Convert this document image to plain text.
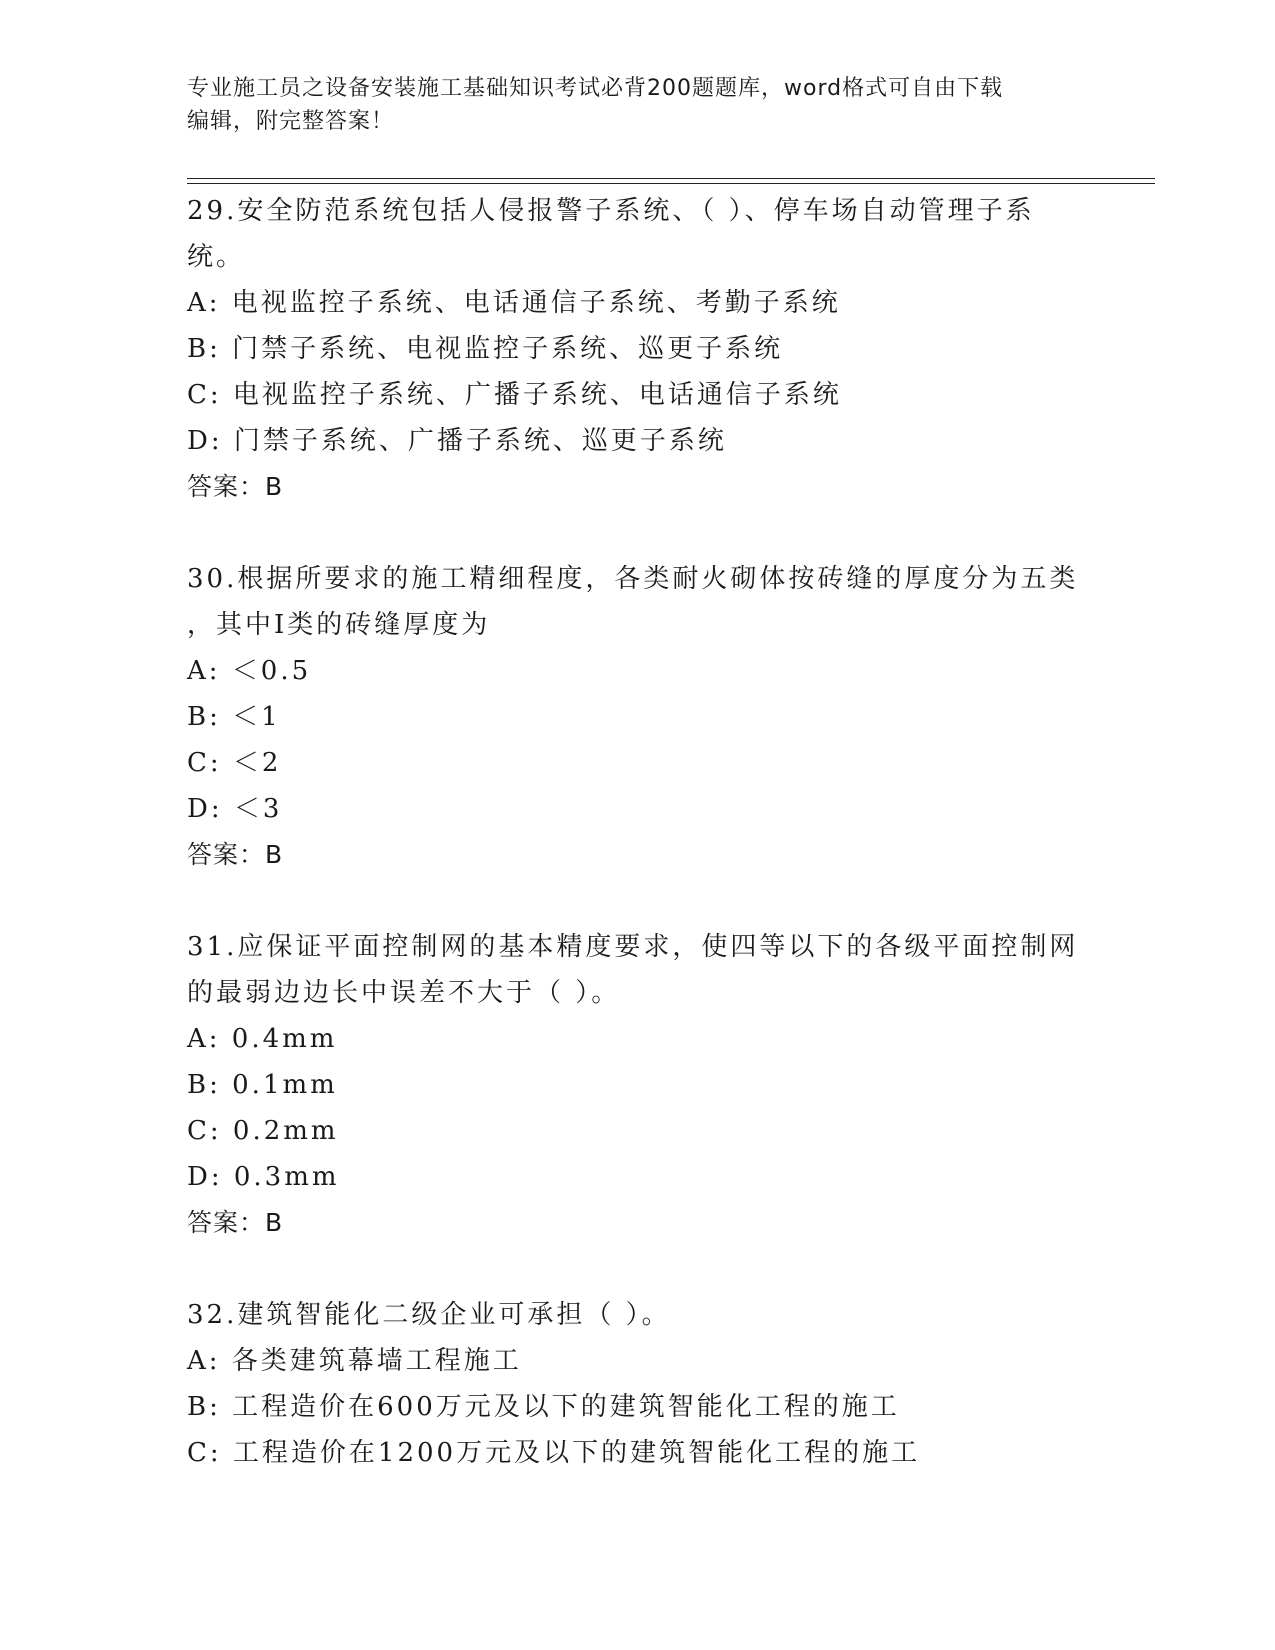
专业施工员之设备安装施工基础知识考试必背200题题库，word格式可自由下载
编辑，附完整答案！

29.安全防范系统包括人侵报警子系统、（ ）、停车场自动管理子系

统。

A: 电视监控子系统、电话通信子系统、考勤子系统

B: 门禁子系统、电视监控子系统、巡更子系统

C: 电视监控子系统、广播子系统、电话通信子系统

D: 门禁子系统、广播子系统、巡更子系统

答案：B

30.根据所要求的施工精细程度，各类耐火砌体按砖缝的厚度分为五类

，其中Ⅰ类的砖缝厚度为

A: ＜0.5

B: ＜1

C: ＜2

D: ＜3

答案：B

31.应保证平面控制网的基本精度要求，使四等以下的各级平面控制网

的最弱边边长中误差不大于（ ）。

A: 0.4mm

B: 0.1mm

C: 0.2mm

D: 0.3mm

答案：B

32.建筑智能化二级企业可承担（ ）。

A: 各类建筑幕墙工程施工

B: 工程造价在600万元及以下的建筑智能化工程的施工

C: 工程造价在1200万元及以下的建筑智能化工程的施工
